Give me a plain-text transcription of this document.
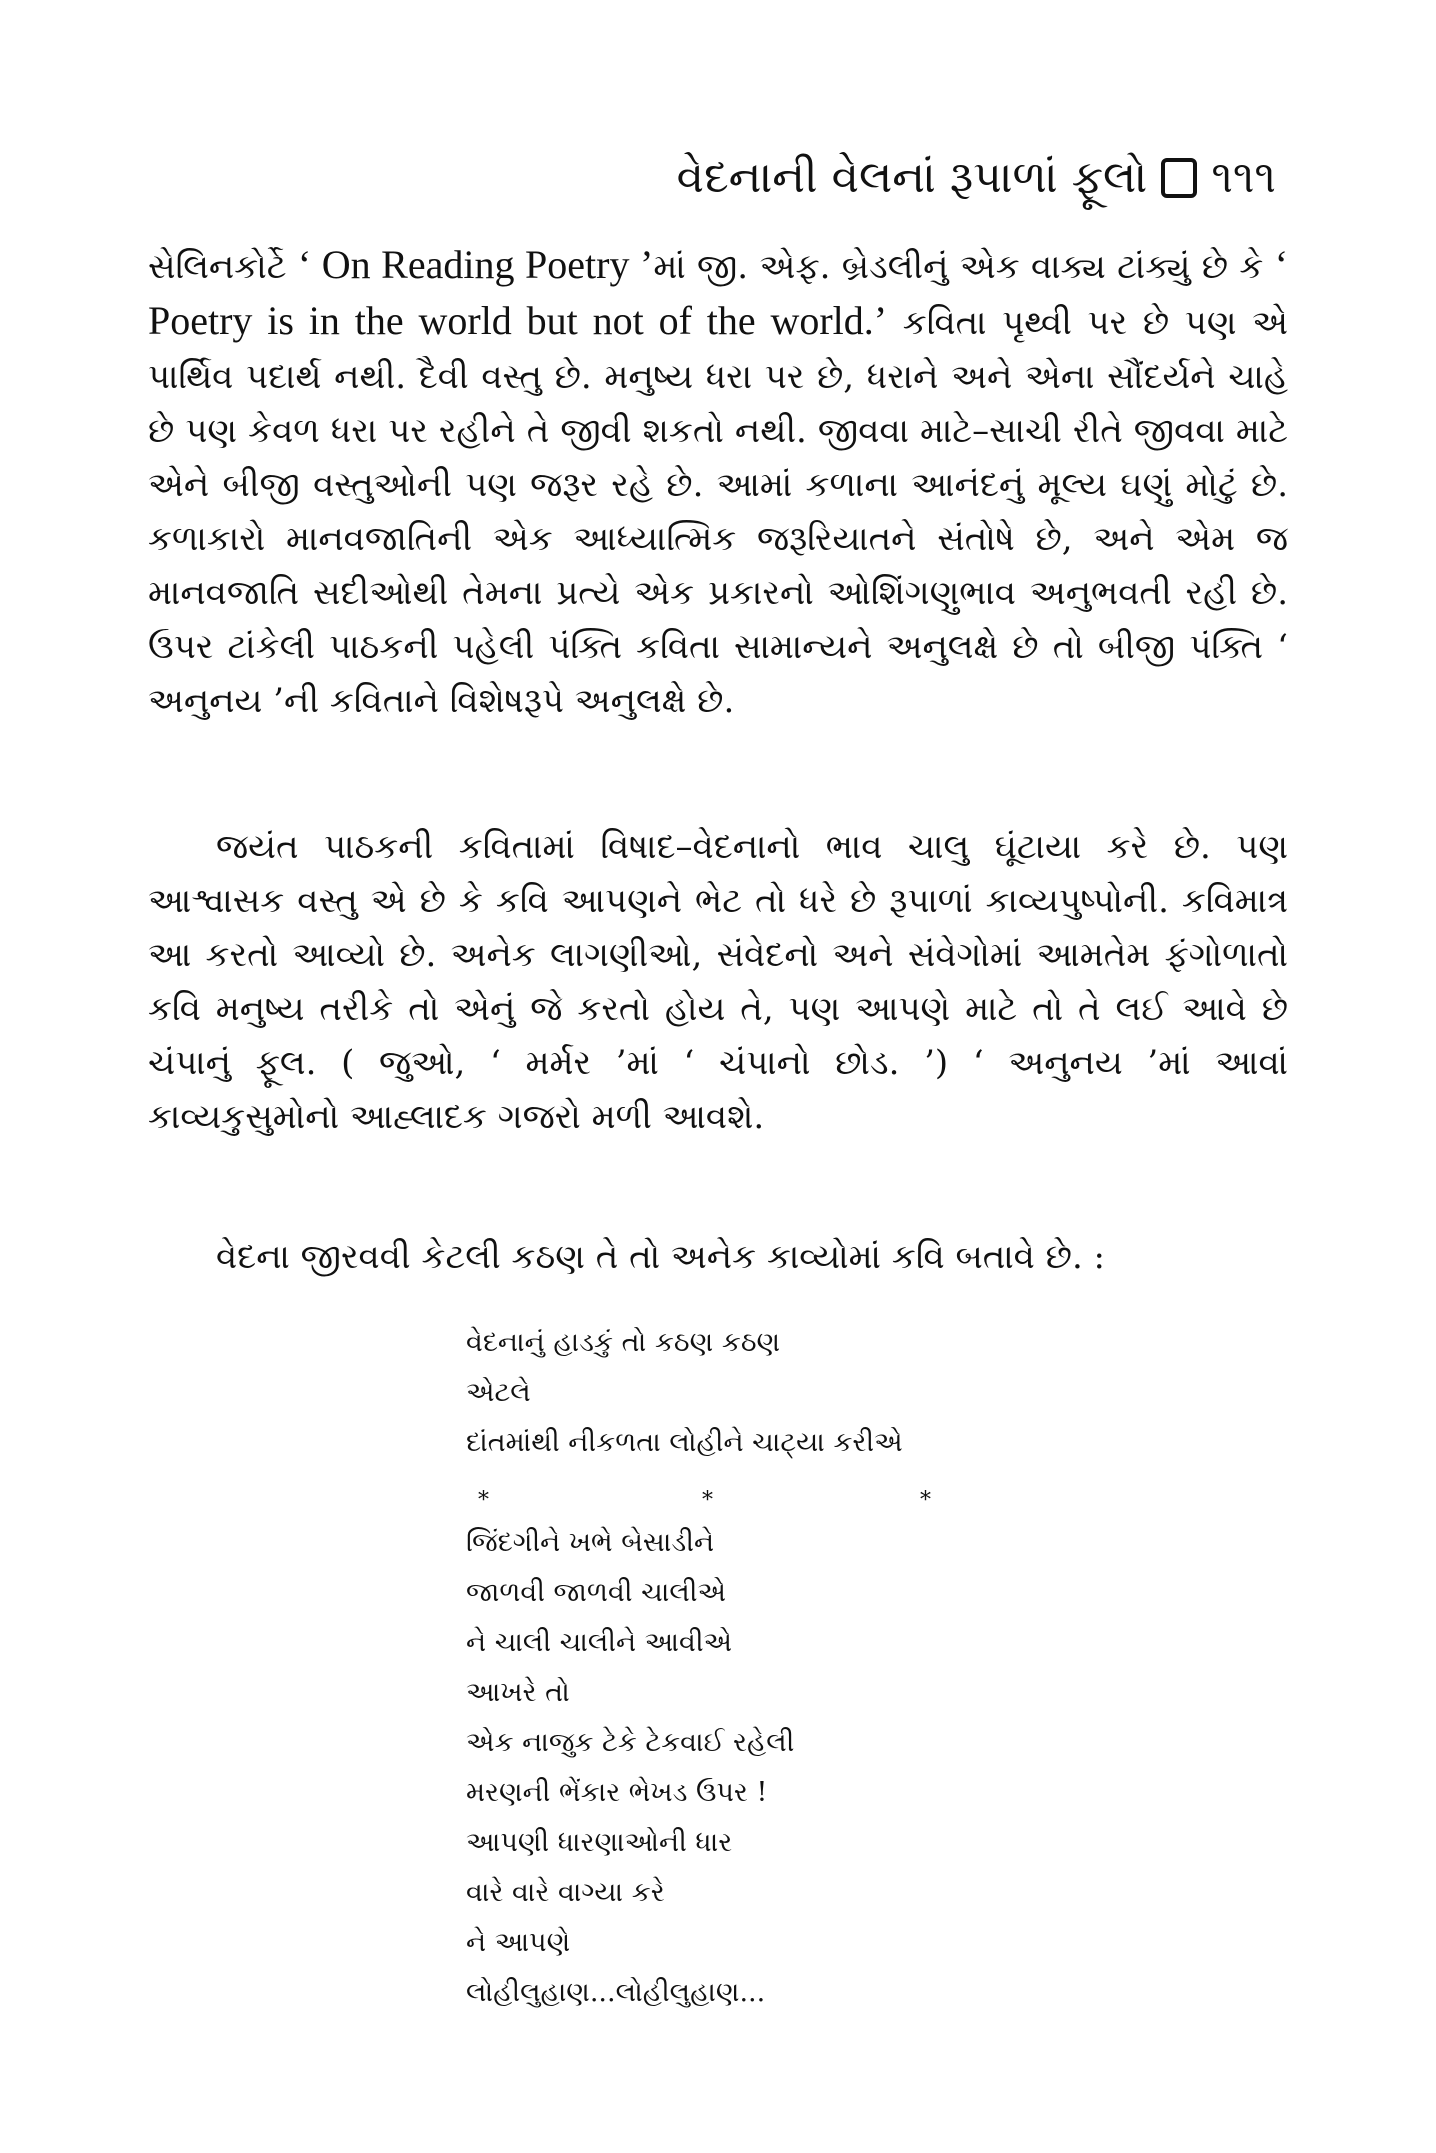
વેદનાની વેલનાં રૂપાળાં ફૂલો ૧૧૧

સેલિનકોર્ટે ‘ On Reading Poetry ’માં જી. એફ. બ્રેડલીનું એક વાક્ય ટાંક્યું છે કે ‘ Poetry is in the world but not of the world.’ કવિતા પૃથ્વી પર છે પણ એ પાર્થિવ પદાર્થ નથી. દૈવી વસ્તુ છે. મનુષ્ય ધરા પર છે, ધરાને અને એના સૌંદર્યને ચાહે છે પણ કેવળ ધરા પર રહીને તે જીવી શકતો નથી. જીવવા માટે–સાચી રીતે જીવવા માટે એને બીજી વસ્તુઓની પણ જરૂર રહે છે. આમાં કળાના આનંદનું મૂલ્ય ઘણું મોટું છે. કળાકારો માનવજાતિની એક આધ્યાત્મિક જરૂરિયાતને સંતોષે છે, અને એમ જ માનવજાતિ સદીઓથી તેમના પ્રત્યે એક પ્રકારનો ઓશિંગણુભાવ અનુભવતી રહી છે. ઉપર ટાંકેલી પાઠકની પહેલી પંક્તિ કવિતા સામાન્યને અનુલક્ષે છે તો બીજી પંક્તિ ‘ અનુનય ’ની કવિતાને વિશેષરૂપે અનુલક્ષે છે.

જયંત પાઠકની કવિતામાં વિષાદ–વેદનાનો ભાવ ચાલુ ઘૂંટાયા કરે છે. પણ આશ્વાસક વસ્તુ એ છે કે કવિ આપણને ભેટ તો ધરે છે રૂપાળાં કાવ્યપુષ્પોની. કવિમાત્ર આ કરતો આવ્યો છે. અનેક લાગણીઓ, સંવેદનો અને સંવેગોમાં આમતેમ ફંગોળાતો કવિ મનુષ્ય તરીકે તો એનું જે કરતો હોય તે, પણ આપણે માટે તો તે લઈ આવે છે ચંપાનું ફૂલ. ( જુઓ, ‘ મર્મર ’માં ‘ ચંપાનો છોડ. ’) ‘ અનુનય ’માં આવાં કાવ્યકુસુમોનો આહ્લાદક ગજરો મળી આવશે.

વેદના જીરવવી કેટલી કઠણ તે તો અનેક કાવ્યોમાં કવિ બતાવે છે. :

વેદનાનું હાડકું તો કઠણ કઠણ
એટલે
દાંતમાંથી નીકળતા લોહીને ચાટ્યા કરીએ
*	*	*
જિંદગીને ખભે બેસાડીને
જાળવી જાળવી ચાલીએ
ને ચાલી ચાલીને આવીએ
આખરે તો
એક નાજુક ટેકે ટેકવાઈ રહેલી
મરણની ભેંકાર ભેખડ ઉપર !
આપણી ધારણાઓની ધાર
વારે વારે વાગ્યા કરે
ને આપણે
લોહીલુહાણ...લોહીલુહાણ...
